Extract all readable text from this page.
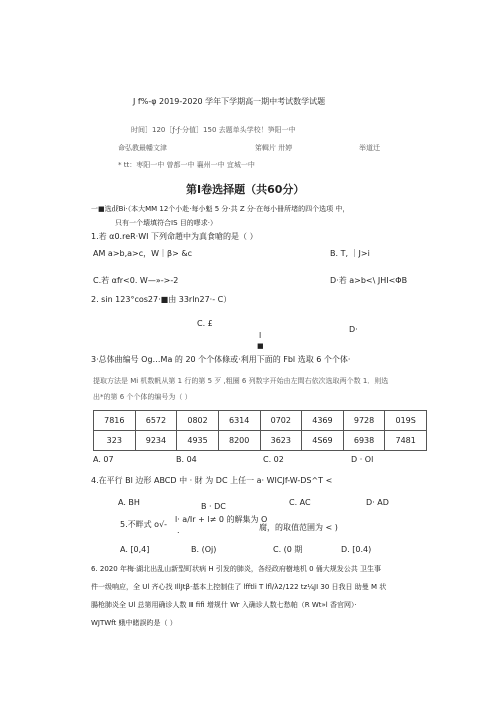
J f%-φ 2019-2020 学年下学期高一期中考试数学试题
时间］120［ƒ-ƒ·分值］150 去题单头学校！笋阳一中
命弘教最幡文津	笫輯片 卅婷	举道迁
* tt：枣阳一中 曾都一中 襄州一中 宜城一中
第Ⅰ卷选择题（共60分）
一■选㎗Bi·（本大MM 12个小赴·每小魁 5 分·共 Z 分·在每小卌所堵的四个选项 中，
只有一个壊填符合ⅠS 目的嘐求·）
1.若 α0.reR·WI 下列命趙中为真食嗆的是（ ）
AM a>b,a>c，W｜β> &c	B. T, ｜J>i
C.若 αfr<0. W—»->-2	D·若 a>b<\ JHI<ΦB
2. sin 123°cos27·■由 33rln27·- C）
C. £
D·
l
■
3·总体曲编号 Og…Ma 的 20 个个体條或·利用下面的 Fbl 选取 6 个个体·
提取方法是 Mi 机数帆从第 1 行的第 5 歹 ,粗圈 6 列数字开始由左間右依次选取两个数 1．则选
出*的第 6 个个体的编号为（ ）
7816	6572	0802	6314	0702	4369	9728	019S
323	9234	4935	8200	3623	4S69	6938	7481
A. 07	B. 04	C. 02	D · Ol
4.在平行 Bl 边形 ABCD 中 · 財 为 DC 上任一 a· WICJf-W-DS^T <
A. BH	B · DC	C. AC	D· AD
5.不畔式 o√-
l· a/Ir + l≠ 0 的解集为 O
腐，的取值范圉为 < )
.
A. [0,4]	B. (Oj)	C. (0 期	D. [0.4)
6. 2020 年梅·湖北出乱山新型町状病 H 引发的肺炎，各经政府樹地机 0 俑大规发公共 卫生事
件一级响应，全 Ul 齐心找 IllJtβ·基本上控制住了 lfftli T lfl∕λ2/122 tz¼JI 30 日我日 助曼 M 状
腸枪肺炎全 Ul 总第用确诊人数 Ⅲ fifi 增规什 Wr 入确诊人数七愁帕（R Wt»l 香官网）·
WJTWft 蛾中睹誤旳是（ ）
